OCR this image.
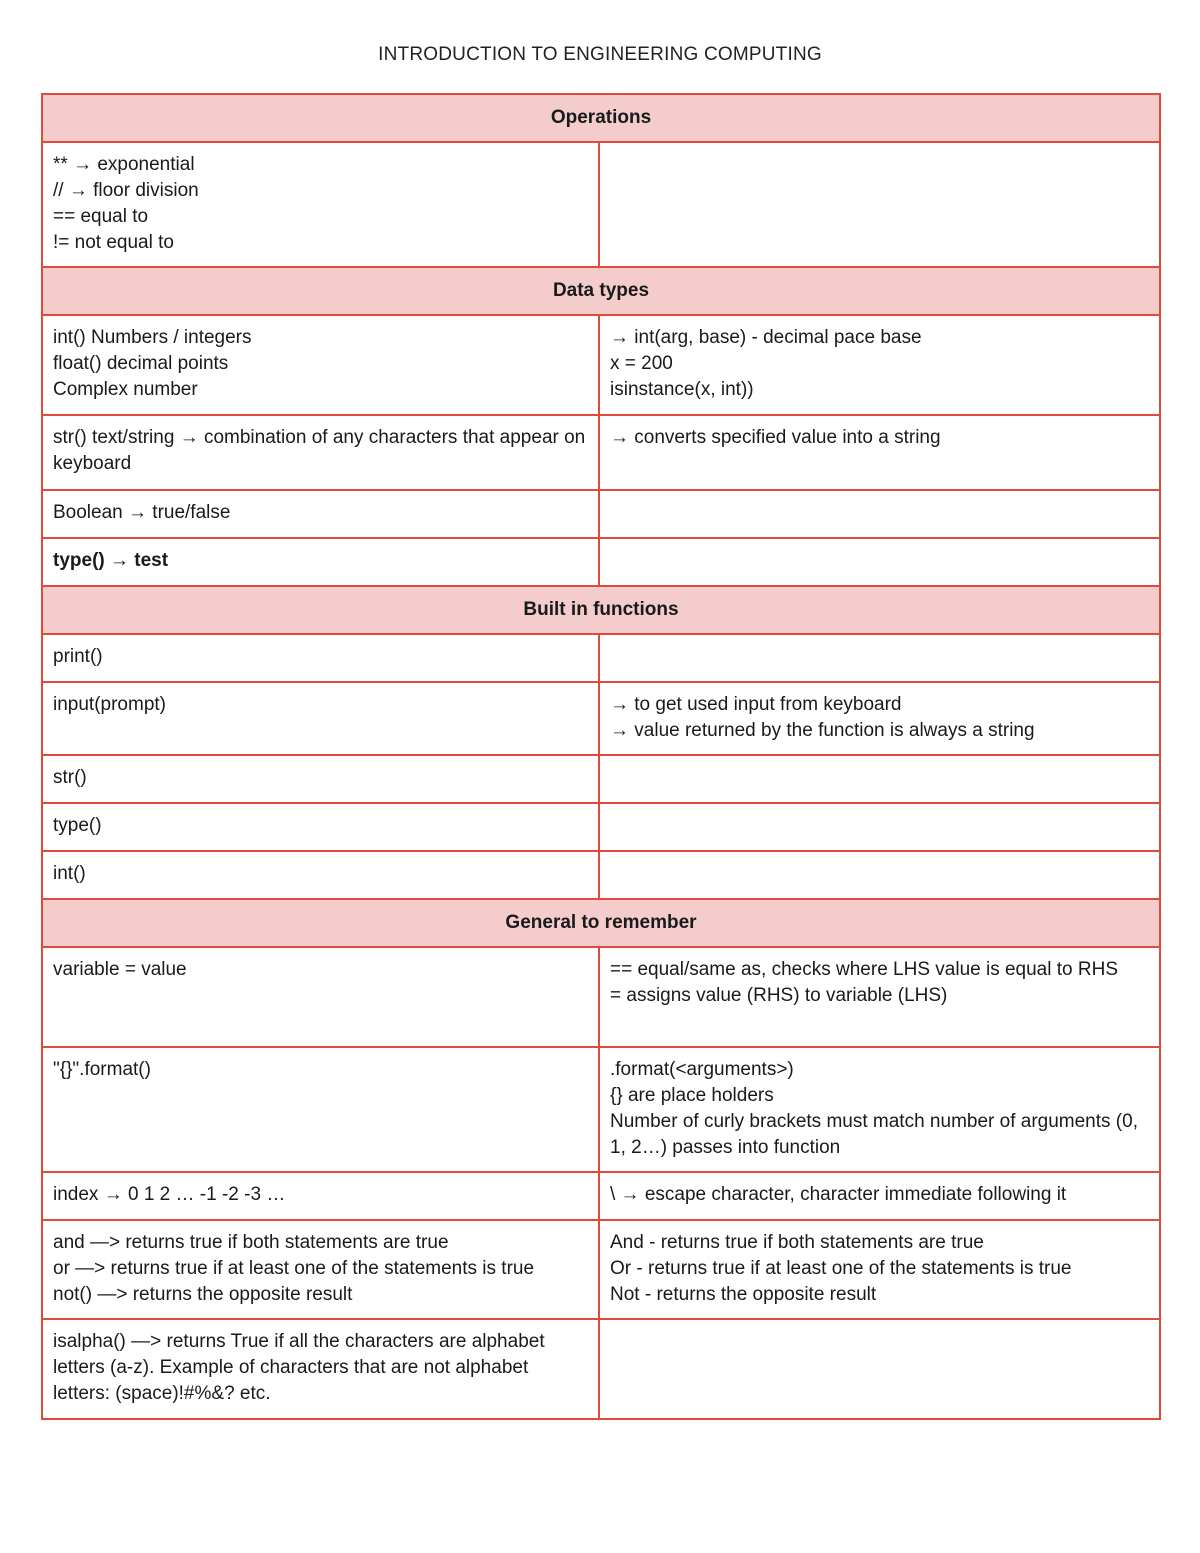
INTRODUCTION TO ENGINEERING COMPUTING
Operations	

** → exponential
// → floor division
== equal to
!= not equal to	

Data types	

int() Numbers / integers
float() decimal points
Complex number	→ int(arg, base) - decimal pace base
x = 200
isinstance(x, int))

str() text/string → combination of any characters that appear on keyboard	→ converts specified value into a string

Boolean → true/false	

type() → test	

Built in functions	

print()	

input(prompt)	→ to get used input from keyboard
→ value returned by the function is always a string

str()	

type()	

int()	

General to remember	

variable = value	== equal/same as, checks where LHS value is equal to RHS
= assigns value (RHS) to variable (LHS)

"{}".format()	.format(<arguments>)
{} are place holders
Number of curly brackets must match number of arguments (0, 1, 2…) passes into function

index → 0 1 2 … -1 -2 -3 …	\ → escape character, character immediate following it

and —> returns true if both statements are true
or —> returns true if at least one of the statements is true
not() —> returns the opposite result	And - returns true if both statements are true
Or - returns true if at least one of the statements is true
Not - returns the opposite result

isalpha() —> returns True if all the characters are alphabet letters (a-z). Example of characters that are not alphabet letters: (space)!#%&? etc.	
